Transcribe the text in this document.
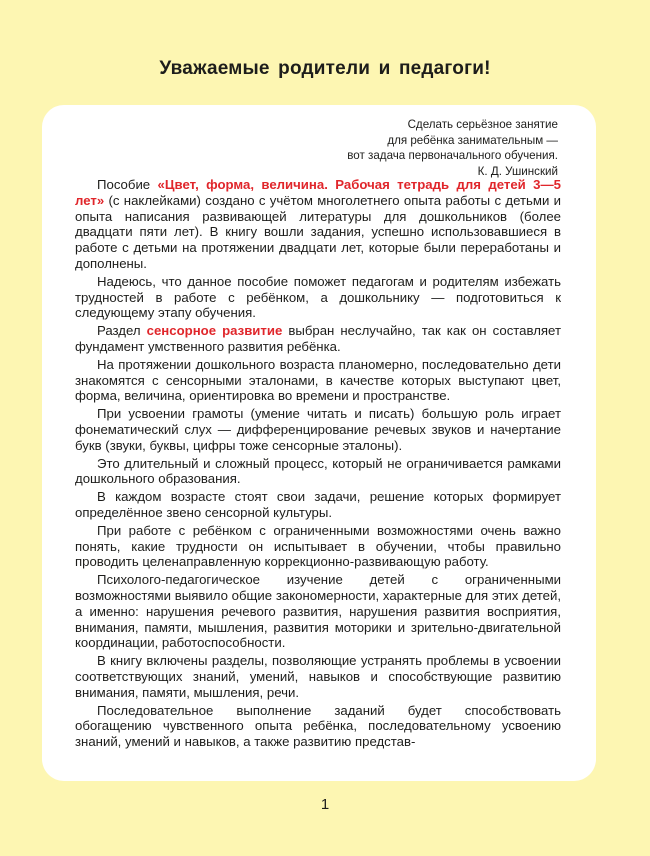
Уважаемые родители и педагоги!
Сделать серьёзное занятие
для ребёнка занимательным —
вот задача первоначального обучения.
К. Д. Ушинский

Пособие «Цвет, форма, величина. Рабочая тетрадь для детей 3—5 лет» (с наклейками) создано с учётом многолетнего опыта работы с детьми и опыта написания развивающей литературы для дошкольников (более двадцати пяти лет). В книгу вошли задания, успешно использовавшиеся в работе с детьми на протяжении двадцати лет, которые были переработаны и дополнены.

Надеюсь, что данное пособие поможет педагогам и родителям избежать трудностей в работе с ребёнком, а дошкольнику — подготовиться к следующему этапу обучения.

Раздел сенсорное развитие выбран неслучайно, так как он составляет фундамент умственного развития ребёнка.

На протяжении дошкольного возраста планомерно, последовательно дети знакомятся с сенсорными эталонами, в качестве которых выступают цвет, форма, величина, ориентировка во времени и пространстве.

При усвоении грамоты (умение читать и писать) большую роль играет фонематический слух — дифференцирование речевых звуков и начертание букв (звуки, буквы, цифры тоже сенсорные эталоны).

Это длительный и сложный процесс, который не ограничивается рамками дошкольного образования.

В каждом возрасте стоят свои задачи, решение которых формирует определённое звено сенсорной культуры.

При работе с ребёнком с ограниченными возможностями очень важно понять, какие трудности он испытывает в обучении, чтобы правильно проводить целенаправленную коррекционно-развивающую работу.

Психолого-педагогическое изучение детей с ограниченными возможностями выявило общие закономерности, характерные для этих детей, а именно: нарушения речевого развития, нарушения развития восприятия, внимания, памяти, мышления, развития моторики и зрительно-двигательной координации, работоспособности.

В книгу включены разделы, позволяющие устранять проблемы в усвоении соответствующих знаний, умений, навыков и способствующие развитию внимания, памяти, мышления, речи.

Последовательное выполнение заданий будет способствовать обогащению чувственного опыта ребёнка, последовательному усвоению знаний, умений и навыков, а также развитию представ-

1
